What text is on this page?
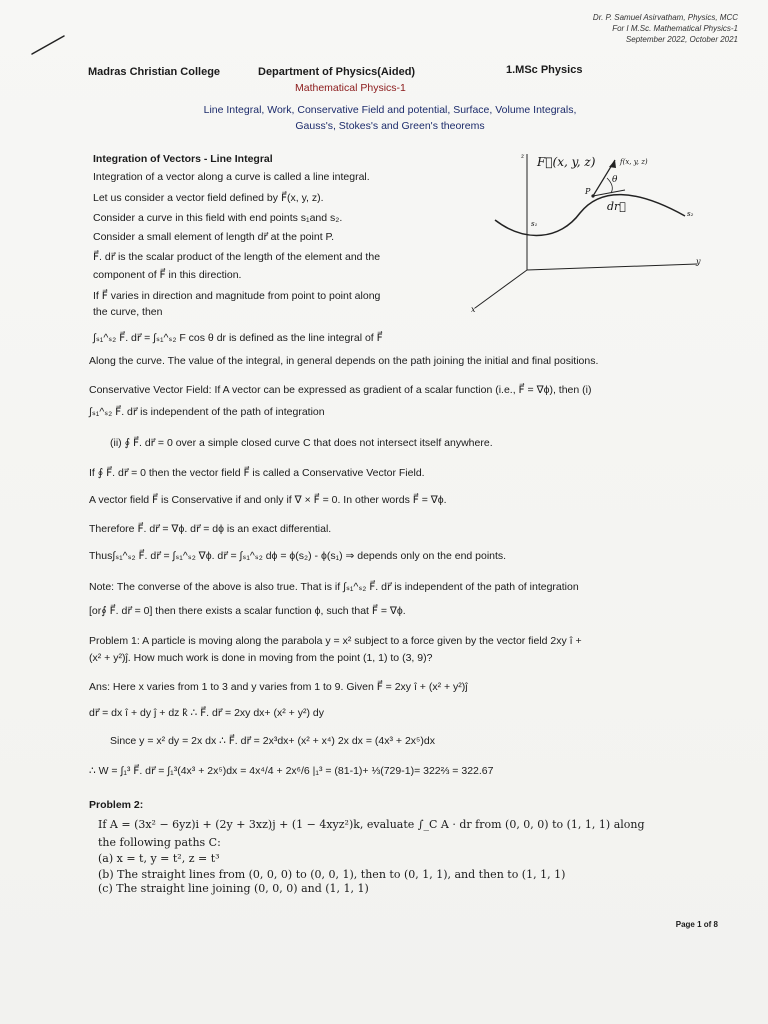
Dr. P. Samuel Asirvatham, Physics, MCC
For I M.Sc. Mathematical Physics-1
September 2022, October 2021
Madras Christian College	Department of Physics(Aided)	1.MSc Physics
Mathematical Physics-1
Line Integral, Work, Conservative Field and potential, Surface, Volume Integrals,
Gauss's, Stokes's and Green's theorems
Integration of Vectors - Line Integral
Integration of a vector along a curve is called a line integral.
Let us consider a vector field defined by F⃗(x, y, z).
Consider a curve in this field with end points s₁and s₂.
Consider a small element of length dr⃗ at the point P.
F⃗. dr⃗ is the scalar product of the length of the element and the
component of F⃗ in this direction.
If F⃗ varies in direction and magnitude from point to point along
the curve, then
∫ₛ₁^ₛ₂ F⃗. dr⃗ = ∫ₛ₁^ₛ₂ F cos θ dr is defined as the line integral of F⃗
Along the curve. The value of the integral, in general depends on the path joining the initial and final positions.
F⃗(x, y, z)	f(x, y, z)
θ
P
dr⃗
s₁
s₂
y
x
z
Conservative Vector Field: If A vector can be expressed as gradient of a scalar function (i.e., F⃗ = ∇ϕ), then (i)
∫ₛ₁^ₛ₂ F⃗. dr⃗ is independent of the path of integration
(ii) ∮ F⃗. dr⃗ = 0 over a simple closed curve C that does not intersect itself anywhere.
If ∮ F⃗. dr⃗ = 0 then the vector field F⃗ is called a Conservative Vector Field.
A vector field F⃗ is Conservative if and only if ∇ × F⃗ = 0. In other words F⃗ = ∇ϕ.
Therefore F⃗. dr⃗ = ∇ϕ. dr⃗ = dϕ is an exact differential.
Thus∫ₛ₁^ₛ₂ F⃗. dr⃗ = ∫ₛ₁^ₛ₂ ∇ϕ. dr⃗ = ∫ₛ₁^ₛ₂ dϕ = ϕ(s₂) - ϕ(s₁) ⇒ depends only on the end points.
Note: The converse of the above is also true. That is if ∫ₛ₁^ₛ₂ F⃗. dr⃗ is independent of the path of integration
[or∮ F⃗. dr⃗ = 0] then there exists a scalar function ϕ, such that F⃗ = ∇ϕ.
Problem 1: A particle is moving along the parabola y = x² subject to a force given by the vector field 2xy î +
(x² + y²)ĵ. How much work is done in moving from the point (1, 1) to (3, 9)?
Ans: Here x varies from 1 to 3 and y varies from 1 to 9. Given F⃗ = 2xy î + (x² + y²)ĵ
dr⃗ = dx î + dy ĵ + dz k̂ ∴ F⃗. dr⃗ = 2xy dx+ (x² + y²) dy
Since y = x² dy = 2x dx ∴ F⃗. dr⃗ = 2x³dx+ (x² + x⁴) 2x dx = (4x³ + 2x⁵)dx
∴ W = ∫₁³ F⃗. dr⃗ = ∫₁³(4x³ + 2x⁵)dx = 4x⁴/4 + 2x⁶/6 |₁³ = (81-1)+ ⅓(729-1)= 322⅔ = 322.67
Problem 2:
If A = (3x² − 6yz)i + (2y + 3xz)j + (1 − 4xyz²)k, evaluate ∫_C A · dr from (0, 0, 0) to (1, 1, 1) along
the following paths C:
(a) x = t, y = t², z = t³
(b) The straight lines from (0, 0, 0) to (0, 0, 1), then to (0, 1, 1), and then to (1, 1, 1)
(c) The straight line joining (0, 0, 0) and (1, 1, 1)
Page 1 of 8
